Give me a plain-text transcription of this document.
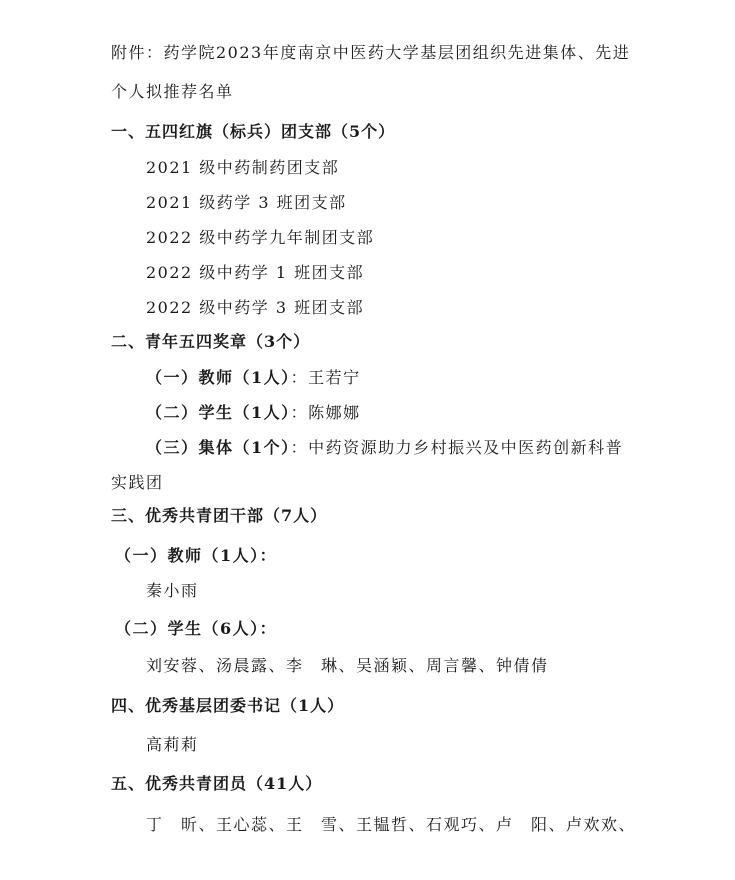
附件：药学院2023年度南京中医药大学基层团组织先进集体、先进
个人拟推荐名单
一、五四红旗（标兵）团支部（5个）
2021 级中药制药团支部
2021 级药学 3 班团支部
2022 级中药学九年制团支部
2022 级中药学 1 班团支部
2022 级中药学 3 班团支部
二、青年五四奖章（3个）
（一）教师（1人）：王若宁
（二）学生（1人）：陈娜娜
（三）集体（1个）：中药资源助力乡村振兴及中医药创新科普
实践团
三、优秀共青团干部（7人）
（一）教师（1人）：
秦小雨
（二）学生（6人）：
刘安蓉、汤晨露、李　琳、吴涵颖、周言馨、钟倩倩
四、优秀基层团委书记（1人）
高莉莉
五、优秀共青团员（41人）
丁　昕、王心蕊、王　雪、王韫哲、石观巧、卢　阳、卢欢欢、
